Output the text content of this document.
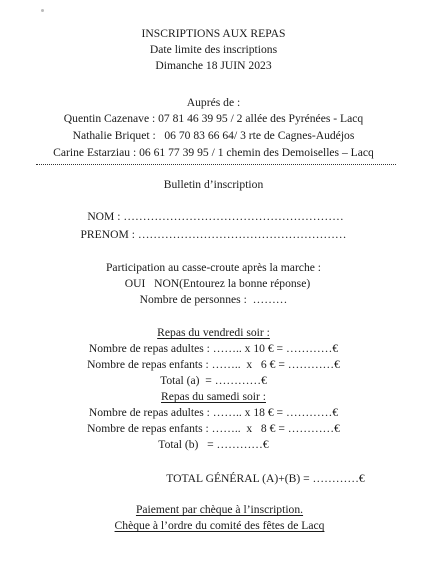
INSCRIPTIONS AUX REPAS
Date limite des inscriptions
Dimanche 18 JUIN 2023
Auprés de :
Quentin Cazenave : 07 81 46 39 95 / 2 allée des Pyrénées - Lacq
Nathalie Briquet :   06 70 83 66 64/ 3 rte de Cagnes-Audéjos
Carine Estarziau : 06 61 77 39 95 / 1 chemin des Demoiselles – Lacq
Bulletin d’inscription
NOM : …………………………………………………
PRENOM : ………………………………………………
Participation au casse-croute après la marche :
OUI   NON(Entourez la bonne réponse)
Nombre de personnes :  ………
Repas du vendredi soir :
Nombre de repas adultes : …….. x 10 € = …………€
Nombre de repas enfants : ……..  x   6 € = …………€
Total (a)  = …………€
Repas du samedi soir :
Nombre de repas adultes : …….. x 18 € = …………€
Nombre de repas enfants : ……..  x   8 € = …………€
Total (b)   = …………€
TOTAL GÉNÉRAL (A)+(B) = …………€
Paiement par chèque à l’inscription.
Chèque à l’ordre du comité des fêtes de Lacq
